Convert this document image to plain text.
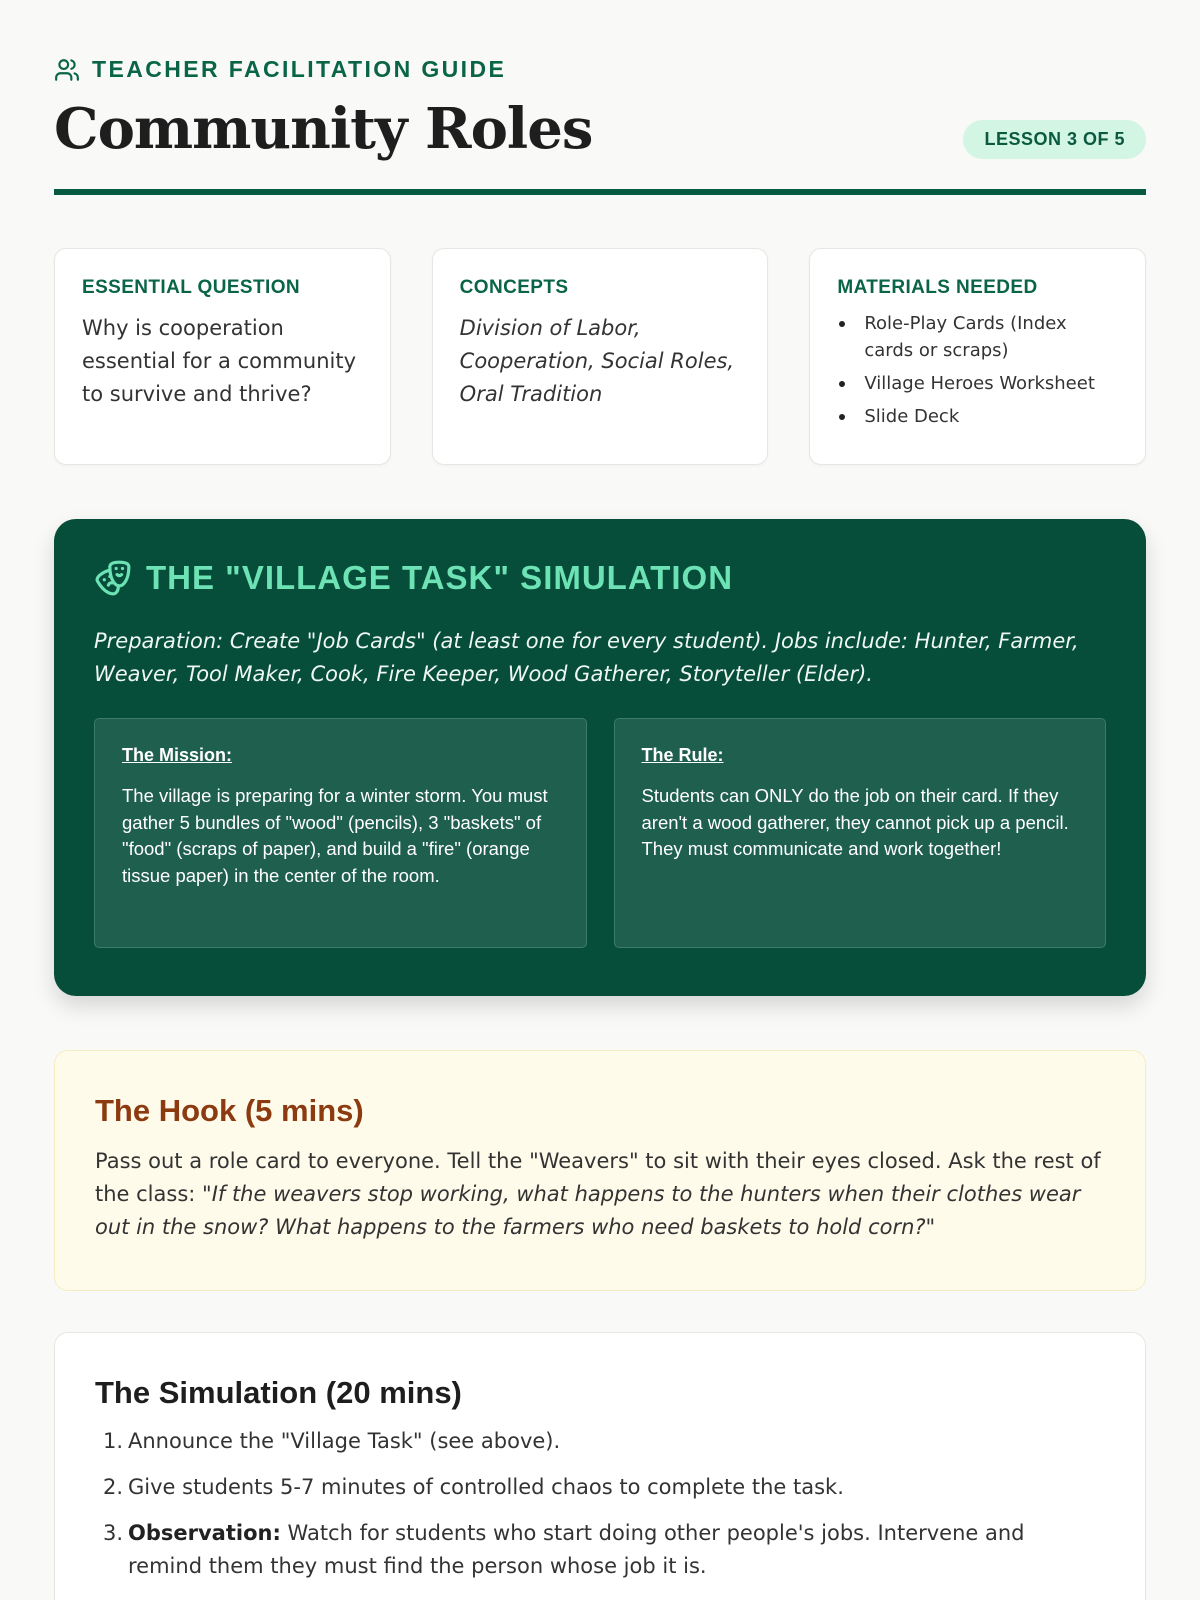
TEACHER FACILITATION GUIDE
Community Roles	LESSON 3 OF 5
ESSENTIAL QUESTION

Why is cooperation essential for a community to survive and thrive?

CONCEPTS

Division of Labor, Cooperation, Social Roles, Oral Tradition

MATERIALS NEEDED
Role-Play Cards (Index cards or scraps)
Village Heroes Worksheet
Slide Deck
THE "VILLAGE TASK" SIMULATION

Preparation: Create "Job Cards" (at least one for every student). Jobs include: Hunter, Farmer, Weaver, Tool Maker, Cook, Fire Keeper, Wood Gatherer, Storyteller (Elder).

The Mission:

The village is preparing for a winter storm. You must gather 5 bundles of "wood" (pencils), 3 "baskets" of "food" (scraps of paper), and build a "fire" (orange tissue paper) in the center of the room.

The Rule:

Students can ONLY do the job on their card. If they aren't a wood gatherer, they cannot pick up a pencil. They must communicate and work together!

The Hook (5 mins)

Pass out a role card to everyone. Tell the "Weavers" to sit with their eyes closed. Ask the rest of the class: "If the weavers stop working, what happens to the hunters when their clothes wear out in the snow? What happens to the farmers who need baskets to hold corn?"

The Simulation (20 mins)
1. Announce the "Village Task" (see above).
2. Give students 5-7 minutes of controlled chaos to complete the task.
3. Observation: Watch for students who start doing other people's jobs. Intervene and remind them they must find the person whose job it is.
